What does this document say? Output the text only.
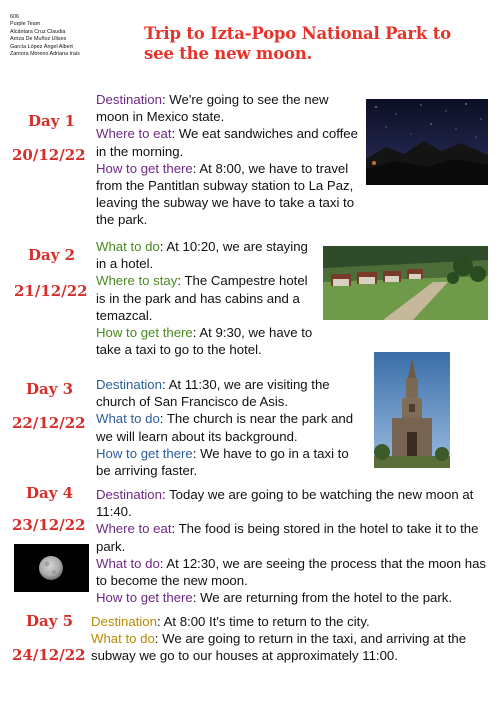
606
Purple Team
Alcántara Cruz Claudia
Arriza De Muñoz Ulises
García López Ángel Albert
Zamora Moreno Adriana Irais
Trip to Izta-Popo National Park to see the new moon.
Day 1
20/12/22

Destination: We're going to see the new moon in Mexico state.

Where to eat: We eat sandwiches and coffee in the morning.

How to get there: At 8:00, we have to travel from the Pantitlan subway station to La Paz, leaving the subway we have to take a taxi to the park.

Day 2
21/12/22

What to do: At 10:20, we are staying in a hotel.

Where to stay: The Campestre hotel is in the park and has cabins and a temazcal.

How to get there: At 9:30, we have to take a taxi to go to the hotel.

Day 3
22/12/22

Destination: At 11:30, we are visiting the church of San Francisco de Asis.

What to do: The church is near the park and we will learn about its background.

How to get there: We have to go in a taxi to be arriving faster.

Day 4
23/12/22

Destination: Today we are going to be watching the new moon at 11:40.

Where to eat: The food is being stored in the hotel to take it to the park.

What to do: At 12:30, we are seeing the process that the moon has to become the new moon.

How to get there: We are returning from the hotel to the park.

Day 5
24/12/22

Destination: At 8:00 It's time to return to the city.

What to do: We are going to return in the taxi, and arriving at the subway we go to our houses at approximately 11:00.
